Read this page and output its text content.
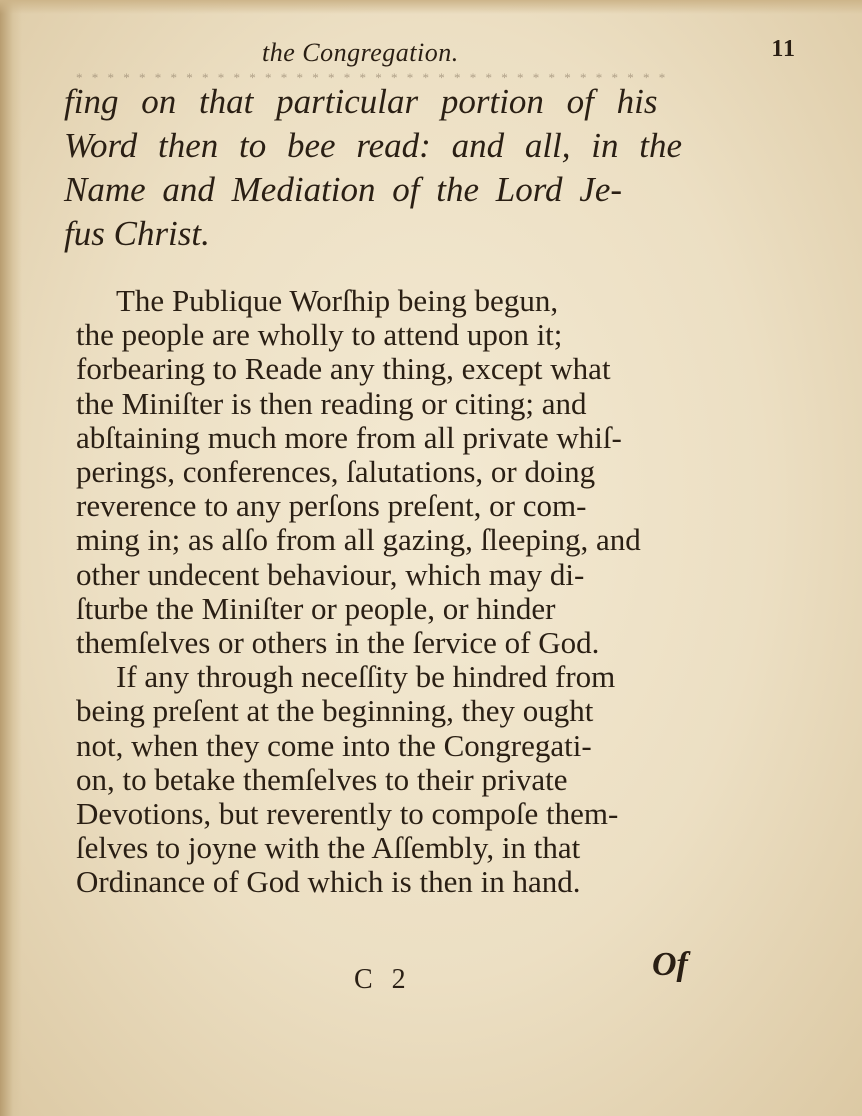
the Congregation.	11
* * * * * * * * * * * * * * * * * * * * * * * * * * * * * * * * * * * * * *
fing on that particular portion of his
Word then to bee read: and all, in the
Name and Mediation of the Lord Je-
fus Christ.
The Publique Worſhip being begun,
the people are wholly to attend upon it;
forbearing to Reade any thing, except what
the Miniſter is then reading or citing; and
abſtaining much more from all private whiſ-
perings, conferences, ſalutations, or doing
reverence to any perſons preſent, or com-
ming in; as alſo from all gazing, ſleeping, and
other undecent behaviour, which may di-
ſturbe the Miniſter or people, or hinder
themſelves or others in the ſervice of God.
If any through neceſſity be hindred from
being preſent at the beginning, they ought
not, when they come into the Congregati-
on, to betake themſelves to their private
Devotions, but reverently to compoſe them-
ſelves to joyne with the Aſſembly, in that
Ordinance of God which is then in hand.
C 2	Of
